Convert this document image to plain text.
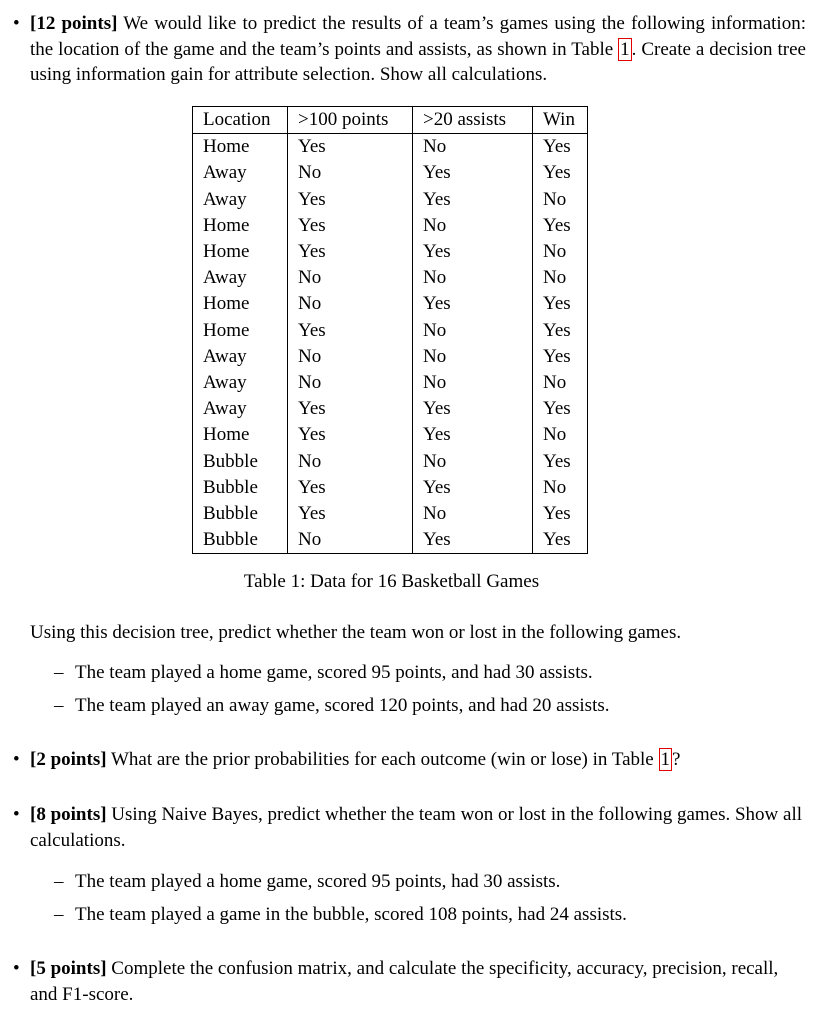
• [12 points] We would like to predict the results of a team’s games using the following information: the location of the game and the team’s points and assists, as shown in Table 1 . Create a decision tree using information gain for attribute selection. Show all calculations.

Location	>100 points	>20 assists	Win
Home	Yes	No	Yes
Away	No	Yes	Yes
Away	Yes	Yes	No
Home	Yes	No	Yes
Home	Yes	Yes	No
Away	No	No	No
Home	No	Yes	Yes
Home	Yes	No	Yes
Away	No	No	Yes
Away	No	No	No
Away	Yes	Yes	Yes
Home	Yes	Yes	No
Bubble	No	No	Yes
Bubble	Yes	Yes	No
Bubble	Yes	No	Yes
Bubble	No	Yes	Yes
Table 1: Data for 16 Basketball Games
Using this decision tree, predict whether the team won or lost in the following games.
– The team played a home game, scored 95 points, and had 30 assists.
– The team played an away game, scored 120 points, and had 20 assists.
• [2 points] What are the prior probabilities for each outcome (win or lose) in Table 1 ?

• [8 points] Using Naive Bayes, predict whether the team won or lost in the following games. Show all calculations.

– The team played a home game, scored 95 points, had 30 assists.
– The team played a game in the bubble, scored 108 points, had 24 assists.
• [5 points] Complete the confusion matrix, and calculate the specificity, accuracy, precision, recall, and F1-score.
